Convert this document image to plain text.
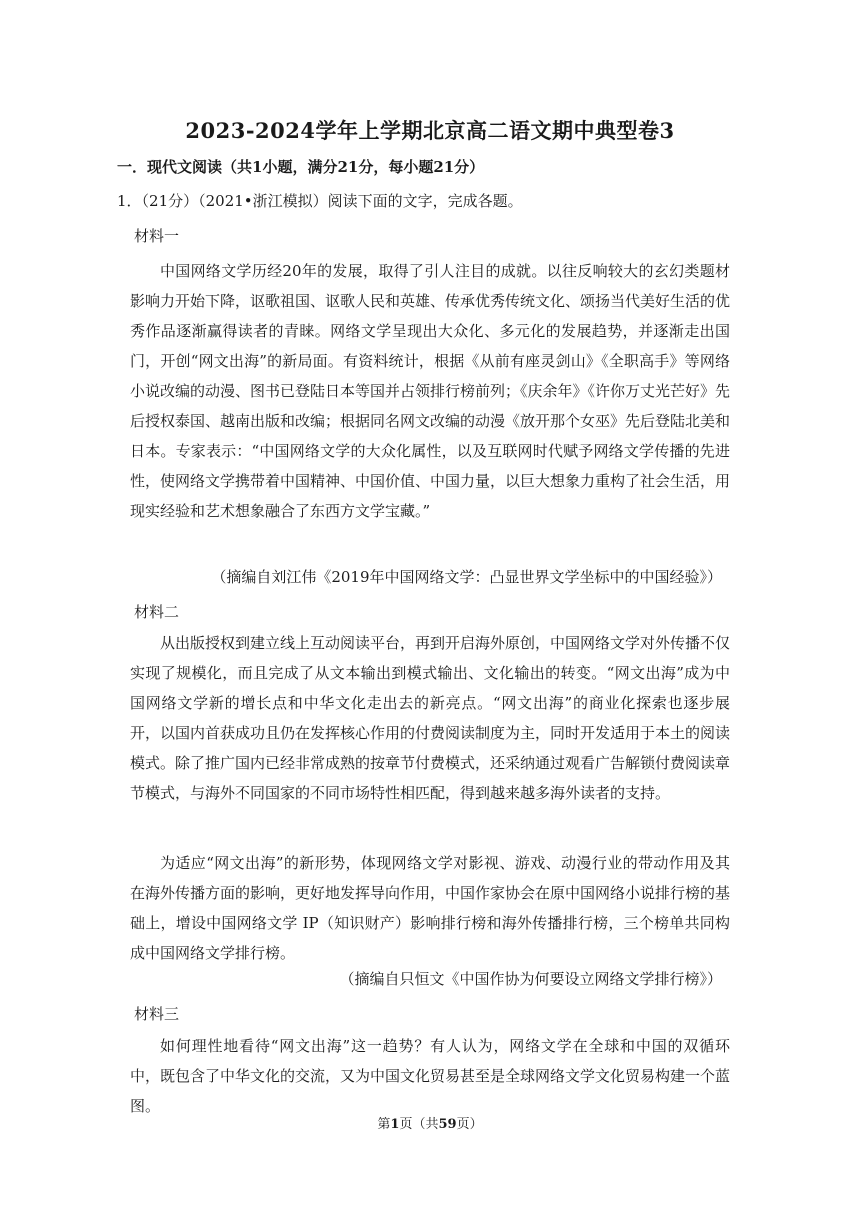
2023-2024学年上学期北京高二语文期中典型卷3
一．现代文阅读（共1小题，满分21分，每小题21分）
1．（21分）（2021•浙江模拟）阅读下面的文字，完成各题。
材料一

中国网络文学历经20年的发展，取得了引人注目的成就。以往反响较大的玄幻类题材影响力开始下降，讴歌祖国、讴歌人民和英雄、传承优秀传统文化、颂扬当代美好生活的优秀作品逐渐赢得读者的青睐。网络文学呈现出大众化、多元化的发展趋势，并逐渐走出国门，开创“网文出海”的新局面。有资料统计，根据《从前有座灵剑山》《全职高手》等网络小说改编的动漫、图书已登陆日本等国并占领排行榜前列；《庆余年》《许你万丈光芒好》先后授权泰国、越南出版和改编；根据同名网文改编的动漫《放开那个女巫》先后登陆北美和日本。专家表示：“中国网络文学的大众化属性，以及互联网时代赋予网络文学传播的先进性，使网络文学携带着中国精神、中国价值、中国力量，以巨大想象力重构了社会生活，用现实经验和艺术想象融合了东西方文学宝藏。”

（摘编自刘江伟《2019年中国网络文学：凸显世界文学坐标中的中国经验》）
材料二

从出版授权到建立线上互动阅读平台，再到开启海外原创，中国网络文学对外传播不仅实现了规模化，而且完成了从文本输出到模式输出、文化输出的转变。“网文出海”成为中国网络文学新的增长点和中华文化走出去的新亮点。“网文出海”的商业化探索也逐步展开，以国内首获成功且仍在发挥核心作用的付费阅读制度为主，同时开发适用于本土的阅读模式。除了推广国内已经非常成熟的按章节付费模式，还采纳通过观看广告解锁付费阅读章节模式，与海外不同国家的不同市场特性相匹配，得到越来越多海外读者的支持。

为适应“网文出海”的新形势，体现网络文学对影视、游戏、动漫行业的带动作用及其在海外传播方面的影响，更好地发挥导向作用，中国作家协会在原中国网络小说排行榜的基础上，增设中国网络文学 IP（知识财产）影响排行榜和海外传播排行榜，三个榜单共同构成中国网络文学排行榜。

（摘编自只恒文《中国作协为何要设立网络文学排行榜》）
材料三

如何理性地看待“网文出海”这一趋势？有人认为，网络文学在全球和中国的双循环中，既包含了中华文化的交流，又为中国文化贸易甚至是全球网络文学文化贸易构建一个蓝图。

第1页（共59页）
